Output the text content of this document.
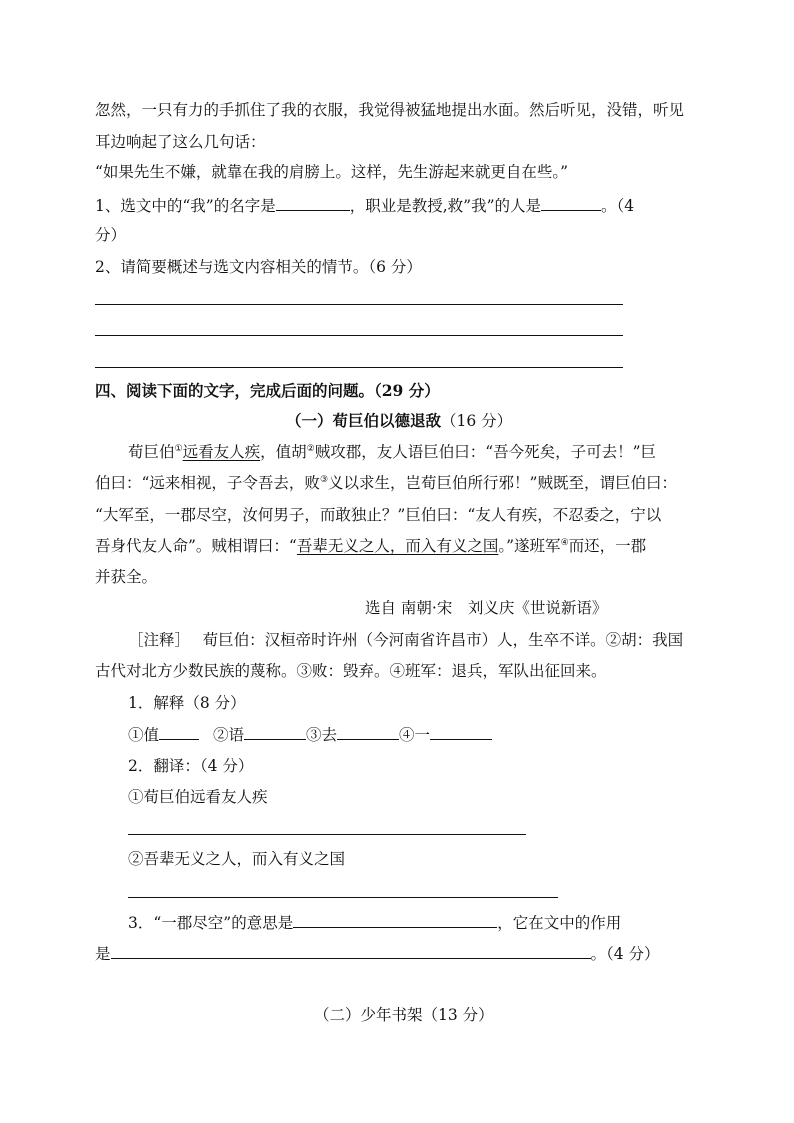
忽然，一只有力的手抓住了我的衣服，我觉得被猛地提出水面。然后听见，没错，听见
耳边响起了这么几句话：
“如果先生不嫌，就靠在我的肩膀上。这样，先生游起来就更自在些。”
1、选文中的“我”的名字是	，职业是教授,救”我”的人是	。（4
分）
2、请简要概述与选文内容相关的情节。（6 分）
四、阅读下面的文字，完成后面的问题。（29 分）
（一）荀巨伯以德退敌（16 分）
荀巨伯①远看友人疾，值胡②贼攻郡，友人语巨伯曰：“吾今死矣，子可去！”巨
伯曰：“远来相视，子令吾去，败③义以求生，岂荀巨伯所行邪！”贼既至，谓巨伯曰：
“大军至，一郡尽空，汝何男子，而敢独止？”巨伯曰：“友人有疾，不忍委之，宁以
吾身代友人命”。贼相谓曰：“吾辈无义之人，而入有义之国。”遂班军④而还，一郡
并获全。
选自 南朝·宋　刘义庆《世说新语》
［注释］　 荀巨伯：汉桓帝时许州（今河南省许昌市）人，生卒不详。②胡：我国
古代对北方少数民族的蔑称。③败：毁弃。④班军：退兵，军队出征回来。
1．解释（8 分）
①值	②语	③去	④一
2．翻译：（4 分）
①荀巨伯远看友人疾
②吾辈无义之人，而入有义之国
3．“一郡尽空”的意思是	，它在文中的作用
是	。（4 分）
（二）少年书架（13 分）
